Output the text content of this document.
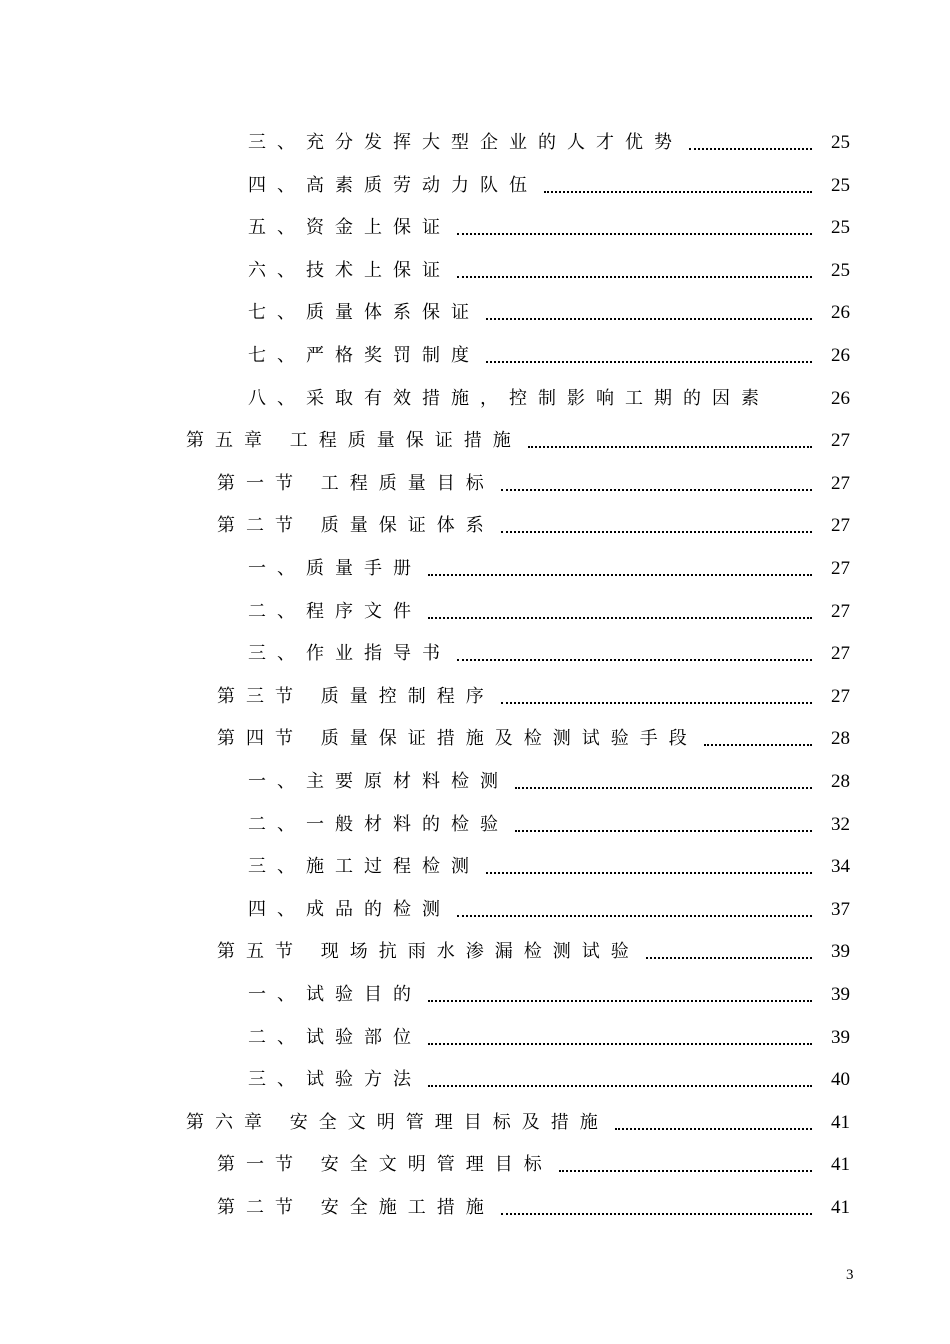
三、充分发挥大型企业的人才优势	25
四、高素质劳动力队伍	25
五、资金上保证	25
六、技术上保证	25
七、质量体系保证	26
七、严格奖罚制度	26
八、采取有效措施，控制影响工期的因素	26
第五章 工程质量保证措施	27
第一节 工程质量目标	27
第二节 质量保证体系	27
一、质量手册	27
二、程序文件	27
三、作业指导书	27
第三节 质量控制程序	27
第四节 质量保证措施及检测试验手段	28
一、主要原材料检测	28
二、一般材料的检验	32
三、施工过程检测	34
四、成品的检测	37
第五节 现场抗雨水渗漏检测试验	39
一、试验目的	39
二、试验部位	39
三、试验方法	40
第六章 安全文明管理目标及措施	41
第一节 安全文明管理目标	41
第二节 安全施工措施	41
3
